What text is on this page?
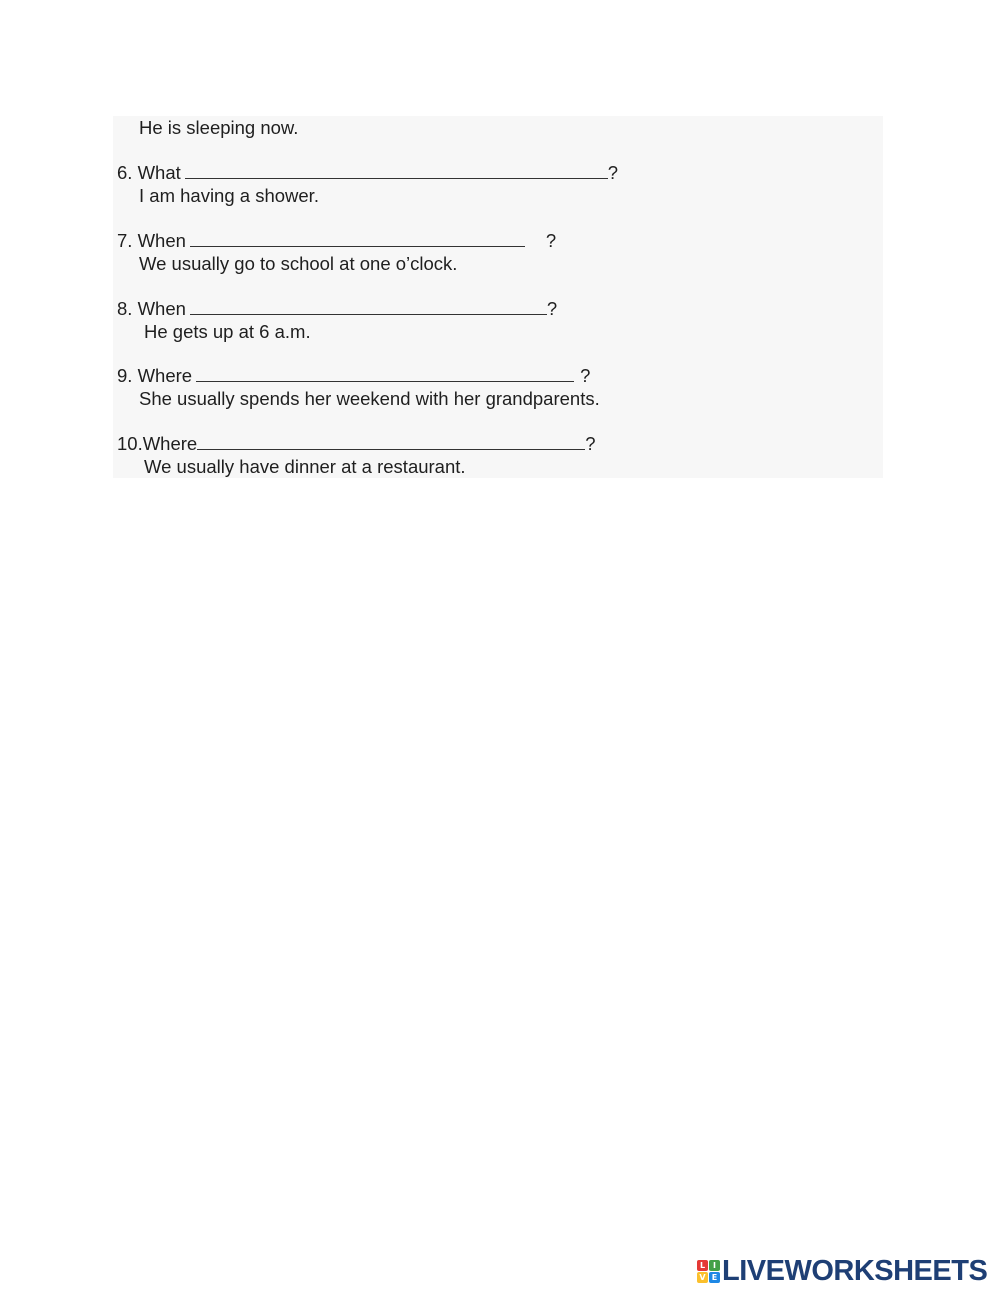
He is sleeping now.
6. What	?
I am having a shower.
7. When	?
We usually go to school at one o’clock.
8. When	?
He gets up at 6 a.m.
9. Where	?
She usually spends her weekend with her grandparents.
10.Where	?
We usually have dinner at a restaurant.
L I
V E LIVEWORKSHEETS
